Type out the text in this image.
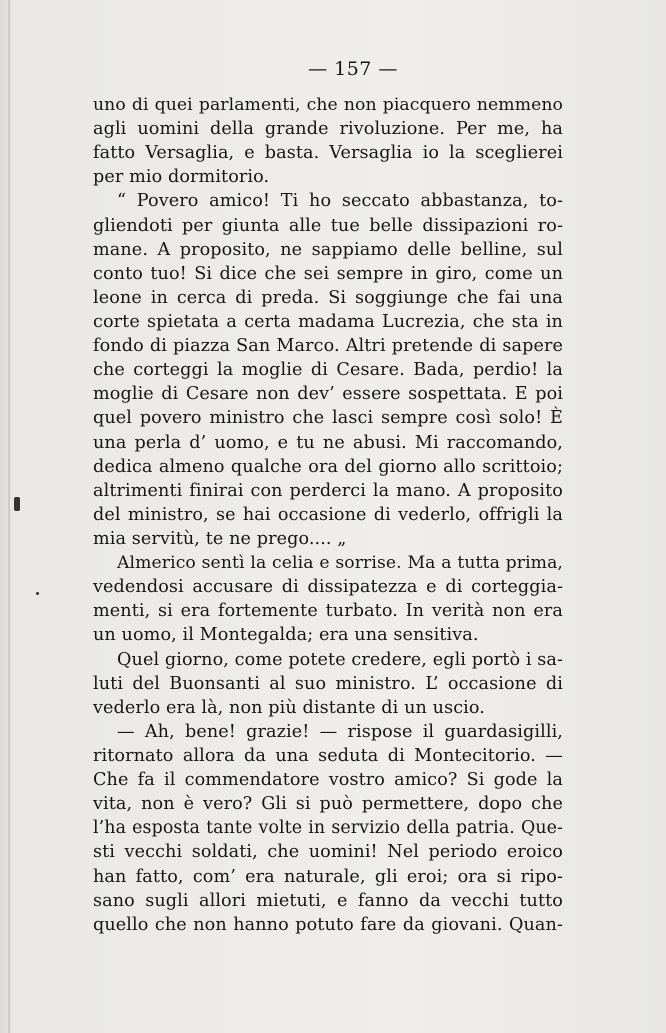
— 157 —
uno di quei parlamenti, che non piacquero nemmeno
agli uomini della grande rivoluzione. Per me, ha
fatto Versaglia, e basta. Versaglia io la sceglierei
per mio dormitorio.
“ Povero amico! Ti ho seccato abbastanza, to-
gliendoti per giunta alle tue belle dissipazioni ro-
mane. A proposito, ne sappiamo delle belline, sul
conto tuo! Si dice che sei sempre in giro, come un
leone in cerca di preda. Si soggiunge che fai una
corte spietata a certa madama Lucrezia, che sta in
fondo di piazza San Marco. Altri pretende di sapere
che corteggi la moglie di Cesare. Bada, perdio! la
moglie di Cesare non dev’ essere sospettata. E poi
quel povero ministro che lasci sempre così solo! È
una perla d’ uomo, e tu ne abusi. Mi raccomando,
dedica almeno qualche ora del giorno allo scrittoio;
altrimenti finirai con perderci la mano. A proposito
del ministro, se hai occasione di vederlo, offrigli la
mia servitù, te ne prego.... „
Almerico sentì la celia e sorrise. Ma a tutta prima,
vedendosi accusare di dissipatezza e di corteggia-
menti, si era fortemente turbato. In verità non era
un uomo, il Montegalda; era una sensitiva.
Quel giorno, come potete credere, egli portò i sa-
luti del Buonsanti al suo ministro. L’ occasione di
vederlo era là, non più distante di un uscio.
— Ah, bene! grazie! — rispose il guardasigilli,
ritornato allora da una seduta di Montecitorio. —
Che fa il commendatore vostro amico? Si gode la
vita, non è vero? Gli si può permettere, dopo che
l’ha esposta tante volte in servizio della patria. Que-
sti vecchi soldati, che uomini! Nel periodo eroico
han fatto, com’ era naturale, gli eroi; ora si ripo-
sano sugli allori mietuti, e fanno da vecchi tutto
quello che non hanno potuto fare da giovani. Quan-
